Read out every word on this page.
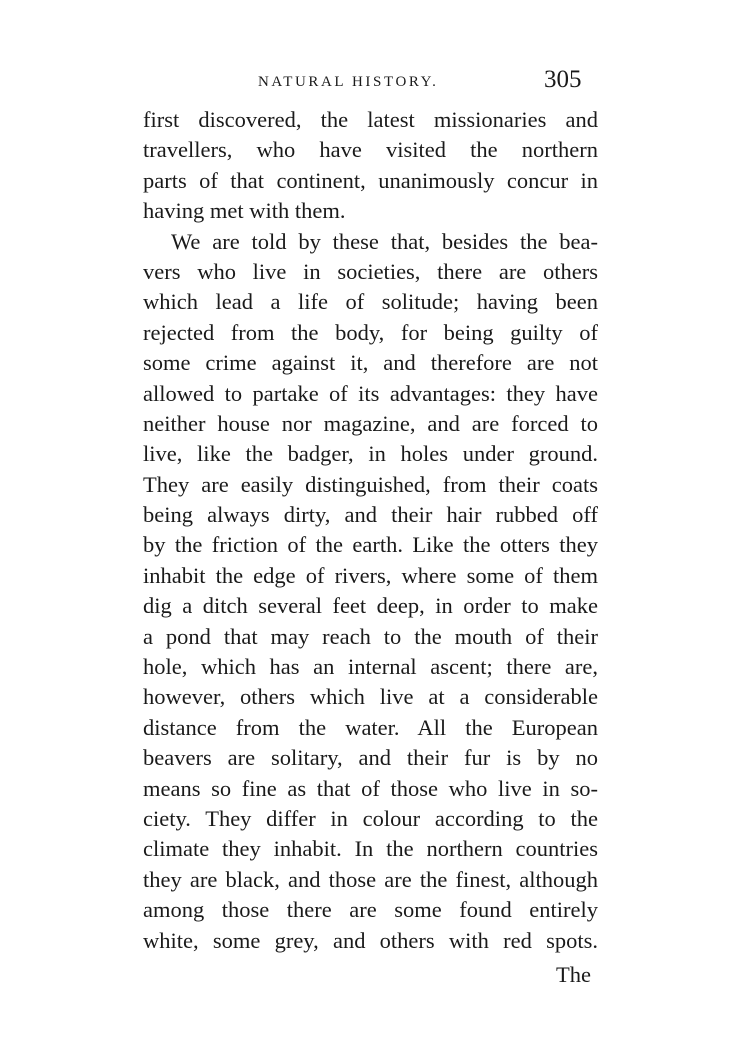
NATURAL HISTORY.	305
first discovered, the latest missionaries and
travellers, who have visited the northern
parts of that continent, unanimously concur in
having met with them.
We are told by these that, besides the bea-
vers who live in societies, there are others
which lead a life of solitude; having been
rejected from the body, for being guilty of
some crime against it, and therefore are not
allowed to partake of its advantages: they have
neither house nor magazine, and are forced to
live, like the badger, in holes under ground.
They are easily distinguished, from their coats
being always dirty, and their hair rubbed off
by the friction of the earth. Like the otters they
inhabit the edge of rivers, where some of them
dig a ditch several feet deep, in order to make
a pond that may reach to the mouth of their
hole, which has an internal ascent; there are,
however, others which live at a considerable
distance from the water. All the European
beavers are solitary, and their fur is by no
means so fine as that of those who live in so-
ciety. They differ in colour according to the
climate they inhabit. In the northern countries
they are black, and those are the finest, although
among those there are some found entirely
white, some grey, and others with red spots.
The
